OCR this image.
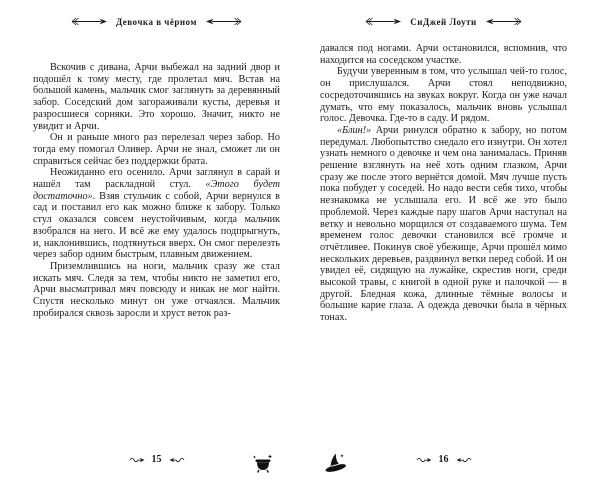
Девочка в чёрном

Вскочив с дивана, Арчи выбежал на задний двор и подошёл к тому месту, где пролетал мяч. Встав на большой камень, мальчик смог заглянуть за деревянный забор. Соседский дом загораживали кусты, деревья и разросшиеся сорняки. Это хорошо. Значит, никто не увидит и Арчи.

Он и раньше много раз перелезал через забор. Но тогда ему помогал Оливер. Арчи не знал, сможет ли он справиться сейчас без поддержки брата.

Неожиданно его осенило. Арчи заглянул в сарай и нашёл там раскладной стул. «Этого будет достаточно». Взяв стульчик с собой, Арчи вернулся в сад и поставил его как можно ближе к забору. Только стул оказался совсем неустойчивым, когда мальчик взобрался на него. И всё же ему удалось подпрыгнуть, и, наклонившись, подтянуться вверх. Он смог перелезть через забор одним быстрым, плавным движением.

Приземлившись на ноги, мальчик сразу же стал искать мяч. Следя за тем, чтобы никто не заметил его, Арчи высматривал мяч повсюду и никак не мог найти. Спустя несколько минут он уже отчаялся. Мальчик пробирался сквозь заросли и хруст веток раз-

15
СиДжей Лоути

давался под ногами. Арчи остановился, вспомнив, что находится на соседском участке.

Будучи уверенным в том, что услышал чей-то голос, он прислушался. Арчи стоял неподвижно, сосредоточившись на звуках вокруг. Когда он уже начал думать, что ему показалось, мальчик вновь услышал голос. Девочка. Где-то в саду. И рядом.

«Блин!» Арчи ринулся обратно к забору, но потом передумал. Любопытство снедало его изнутри. Он хотел узнать немного о девочке и чем она занималась. Приняв решение взглянуть на неё хоть одним глазком, Арчи сразу же после этого вернётся домой. Мяч лучше пусть пока побудет у соседей. Но надо вести себя тихо, чтобы незнакомка не услышала его. И всё же это было проблемой. Через каждые пару шагов Арчи наступал на ветку и невольно морщился от создаваемого шума. Тем временем голос девочки становился всё громче и отчётливее. Покинув своё убежище, Арчи прошёл мимо нескольких деревьев, раздвинул ветки перед собой. И он увидел её, сидящую на лужайке, скрестив ноги, среди высокой травы, с книгой в одной руке и палочкой — в другой. Бледная кожа, длинные тёмные волосы и большие карие глаза. А одежда девочки была в чёрных тонах.

16
